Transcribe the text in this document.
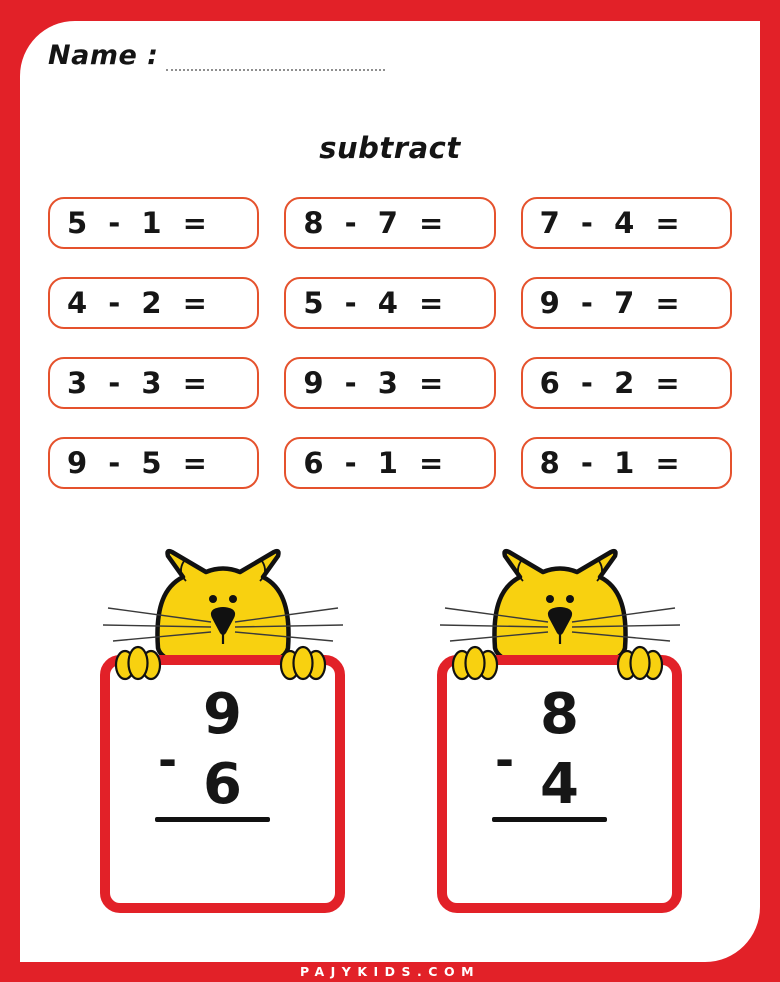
Name :
subtract
5 - 1 =	8 - 7 =	7 - 4 =
4 - 2 =	5 - 4 =	9 - 7 =
3 - 3 =	9 - 3 =	6 - 2 =
9 - 5 =	6 - 1 =	8 - 1 =
9
- 6
8
- 4
PAJYKIDS.COM
